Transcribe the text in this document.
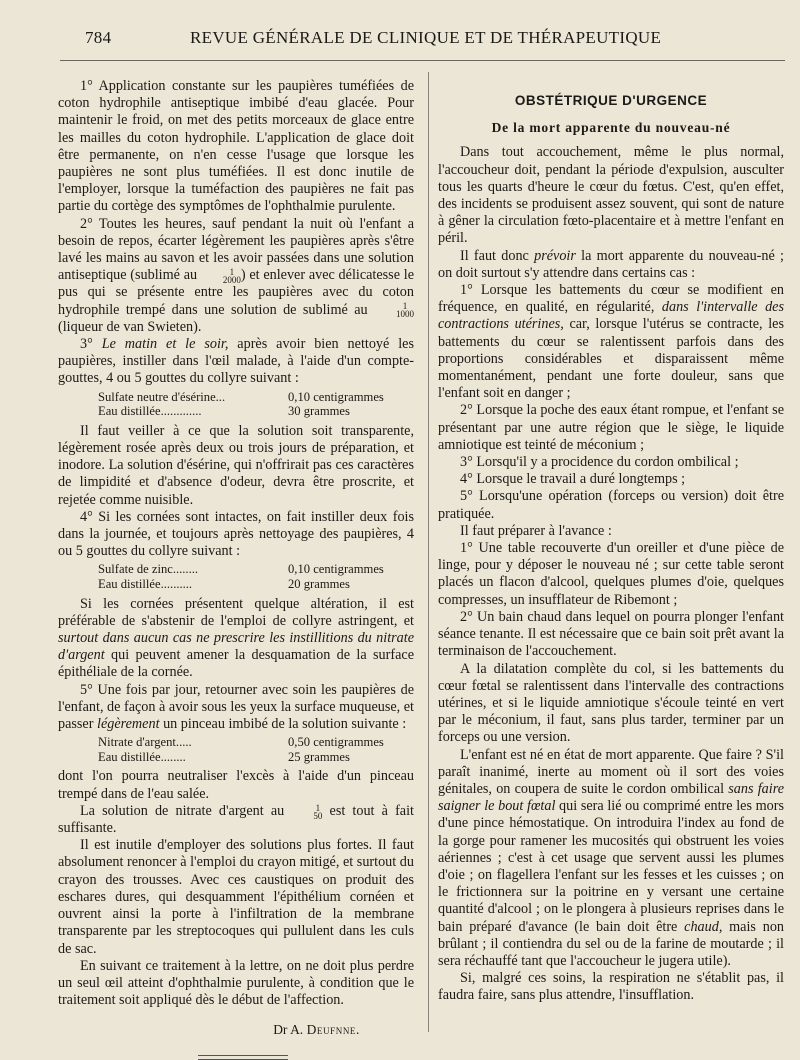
784	REVUE GÉNÉRALE DE CLINIQUE ET DE THÉRAPEUTIQUE

1° Application constante sur les paupières tuméfiées de coton hydrophile antiseptique imbibé d'eau glacée. Pour maintenir le froid, on met des petits morceaux de glace entre les mailles du coton hydrophile. L'application de glace doit être permanente, on n'en cesse l'usage que lorsque les paupières ne sont plus tuméfiées. Il est donc inutile de l'employer, lorsque la tuméfaction des paupières ne fait pas partie du cortège des symptômes de l'ophthalmie purulente.

2° Toutes les heures, sauf pendant la nuit où l'enfant a besoin de repos, écarter légèrement les paupières après s'être lavé les mains au savon et les avoir passées dans une solution antiseptique (sublimé au	1
2000 ) et enlever avec délicatesse le pus qui se présente entre les paupières avec du coton hydrophile trempé dans une solution de sublimé au	1
1000
(liqueur de van Swieten).

3° Le matin et le soir, après avoir bien nettoyé les paupières, instiller dans l'œil malade, à l'aide d'un compte-gouttes, 4 ou 5 gouttes du collyre suivant :

Sulfate neutre d'ésérine...	0,10 centigrammes
Eau distillée.............	30 grammes

Il faut veiller à ce que la solution soit transparente, légèrement rosée après deux ou trois jours de préparation, et inodore. La solution d'ésérine, qui n'offrirait pas ces caractères de limpidité et d'absence d'odeur, devra être proscrite, et rejetée comme nuisible.

4° Si les cornées sont intactes, on fait instiller deux fois dans la journée, et toujours après nettoyage des paupières, 4 ou 5 gouttes du collyre suivant :

Sulfate de zinc........	0,10 centigrammes
Eau distillée..........	20 grammes

Si les cornées présentent quelque altération, il est préférable de s'abstenir de l'emploi de collyre astringent, et surtout dans aucun cas ne prescrire les instillitions du nitrate d'argent qui peuvent amener la desquamation de la surface épithéliale de la cornée.

5° Une fois par jour, retourner avec soin les paupières de l'enfant, de façon à avoir sous les yeux la surface muqueuse, et passer légèrement un pinceau imbibé de la solution suivante :

Nitrate d'argent.....	0,50 centigrammes
Eau distillée........	25 grammes

dont l'on pourra neutraliser l'excès à l'aide d'un pinceau trempé dans de l'eau salée.

La solution de nitrate d'argent au	1
50 est tout à fait suffisante.

Il est inutile d'employer des solutions plus fortes. Il faut absolument renoncer à l'emploi du crayon mitigé, et surtout du crayon des trousses. Avec ces caustiques on produit des eschares dures, qui desquamment l'épithélium cornéen et ouvrent ainsi la porte à l'infiltration de la membrane transparente par les streptocoques qui pullulent dans les culs de sac.

En suivant ce traitement à la lettre, on ne doit plus perdre un seul œil atteint d'ophthalmie purulente, à condition que le traitement soit appliqué dès le début de l'affection.

Dr A. Deufnne.
OBSTÉTRIQUE D'URGENCE
De la mort apparente du nouveau-né

Dans tout accouchement, même le plus normal, l'accoucheur doit, pendant la période d'expulsion, ausculter tous les quarts d'heure le cœur du fœtus. C'est, qu'en effet, des incidents se produisent assez souvent, qui sont de nature à gêner la circulation fœto-placentaire et à mettre l'enfant en péril.

Il faut donc prévoir la mort apparente du nouveau-né ; on doit surtout s'y attendre dans certains cas :

1° Lorsque les battements du cœur se modifient en fréquence, en qualité, en régularité, dans l'intervalle des contractions utérines, car, lorsque l'utérus se contracte, les battements du cœur se ralentissent parfois dans des proportions considérables et disparaissent même momentanément, pendant une forte douleur, sans que l'enfant soit en danger ;

2° Lorsque la poche des eaux étant rompue, et l'enfant se présentant par une autre région que le siège, le liquide amniotique est teinté de méconium ;

3° Lorsqu'il y a procidence du cordon ombilical ;

4° Lorsque le travail a duré longtemps ;

5° Lorsqu'une opération (forceps ou version) doit être pratiquée.

Il faut préparer à l'avance :

1° Une table recouverte d'un oreiller et d'une pièce de linge, pour y déposer le nouveau né ; sur cette table seront placés un flacon d'alcool, quelques plumes d'oie, quelques compresses, un insufflateur de Ribemont ;

2° Un bain chaud dans lequel on pourra plonger l'enfant séance tenante. Il est nécessaire que ce bain soit prêt avant la terminaison de l'accouchement.

A la dilatation complète du col, si les battements du cœur fœtal se ralentissent dans l'intervalle des contractions utérines, et si le liquide amniotique s'écoule teinté en vert par le méconium, il faut, sans plus tarder, terminer par un forceps ou une version.

L'enfant est né en état de mort apparente. Que faire ? S'il paraît inanimé, inerte au moment où il sort des voies génitales, on coupera de suite le cordon ombilical sans faire saigner le bout fœtal qui sera lié ou comprimé entre les mors d'une pince hémostatique. On introduira l'index au fond de la gorge pour ramener les mucosités qui obstruent les voies aériennes ; c'est à cet usage que servent aussi les plumes d'oie ; on flagellera l'enfant sur les fesses et les cuisses ; on le frictionnera sur la poitrine en y versant une certaine quantité d'alcool ; on le plongera à plusieurs reprises dans le bain préparé d'avance (le bain doit être chaud, mais non brûlant ; il contiendra du sel ou de la farine de moutarde ; il sera réchauffé tant que l'accoucheur le jugera utile).

Si, malgré ces soins, la respiration ne s'établit pas, il faudra faire, sans plus attendre, l'insufflation.
